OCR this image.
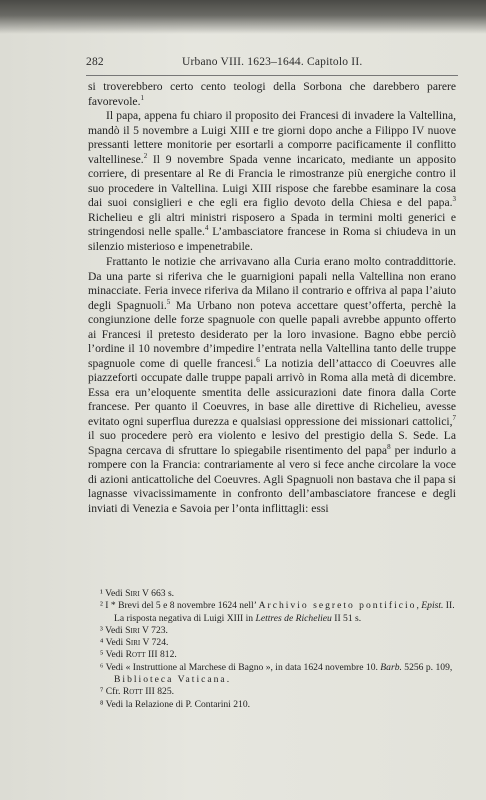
282	Urbano VIII. 1623–1644. Capitolo II.

si troverebbero certo cento teologi della Sorbona che darebbero parere favorevole.$^1$

Il papa, appena fu chiaro il proposito dei Francesi di invadere la Valtellina, mandò il 5 novembre a Luigi XIII e tre giorni dopo anche a Filippo IV nuove pressanti lettere monitorie per esortarli a comporre pacificamente il conflitto valtellinese.$^2$ Il 9 novembre Spada venne incaricato, mediante un apposito corriere, di presentare al Re di Francia le rimostranze più energiche contro il suo procedere in Valtellina. Luigi XIII rispose che farebbe esaminare la cosa dai suoi consiglieri e che egli era figlio devoto della Chiesa e del papa.$^3$ Richelieu e gli altri ministri risposero a Spada in termini molti generici e stringendosi nelle spalle.$^4$ L’ambasciatore francese in Roma si chiudeva in un silenzio misterioso e impenetrabile.

Frattanto le notizie che arrivavano alla Curia erano molto contraddittorie. Da una parte si riferiva che le guarnigioni papali nella Valtellina non erano minacciate. Feria invece riferiva da Milano il contrario e offriva al papa l’aiuto degli Spagnuoli.$^5$ Ma Urbano non poteva accettare quest’offerta, perchè la congiunzione delle forze spagnuole con quelle papali avrebbe appunto offerto ai Francesi il pretesto desiderato per la loro invasione. Bagno ebbe perciò l’ordine il 10 novembre d’impedire l’entrata nella Valtellina tanto delle truppe spagnuole come di quelle francesi.$^6$ La notizia dell’attacco di Coeuvres alle piazzeforti occupate dalle truppe papali arrivò in Roma alla metà di dicembre. Essa era un’eloquente smentita delle assicurazioni date finora dalla Corte francese. Per quanto il Coeuvres, in base alle direttive di Richelieu, avesse evitato ogni superflua durezza e qualsiasi oppressione dei missionari cattolici,$^7$ il suo procedere però era violento e lesivo del prestigio della S. Sede. La Spagna cercava di sfruttare lo spiegabile risentimento del papa$^8$ per indurlo a rompere con la Francia: contrariamente al vero si fece anche circolare la voce di azioni anticattoliche del Coeuvres. Agli Spagnuoli non bastava che il papa si lagnasse vivacissimamente in confronto dell’ambasciatore francese e degli inviati di Venezia e Savoia per l’onta inflittagli: essi

¹ Vedi Siri V 663 s.
² I * Brevi del 5 e 8 novembre 1624 nell’ Archivio segreto pontificio, Epist. II. La risposta negativa di Luigi XIII in Lettres de Richelieu II 51 s.
³ Vedi Siri V 723.
⁴ Vedi Siri V 724.
⁵ Vedi Rott III 812.
⁶ Vedi « Instruttione al Marchese di Bagno », in data 1624 novembre 10. Barb. 5256 p. 109, Biblioteca Vaticana.
⁷ Cfr. Rott III 825.
⁸ Vedi la Relazione di P. Contarini 210.
